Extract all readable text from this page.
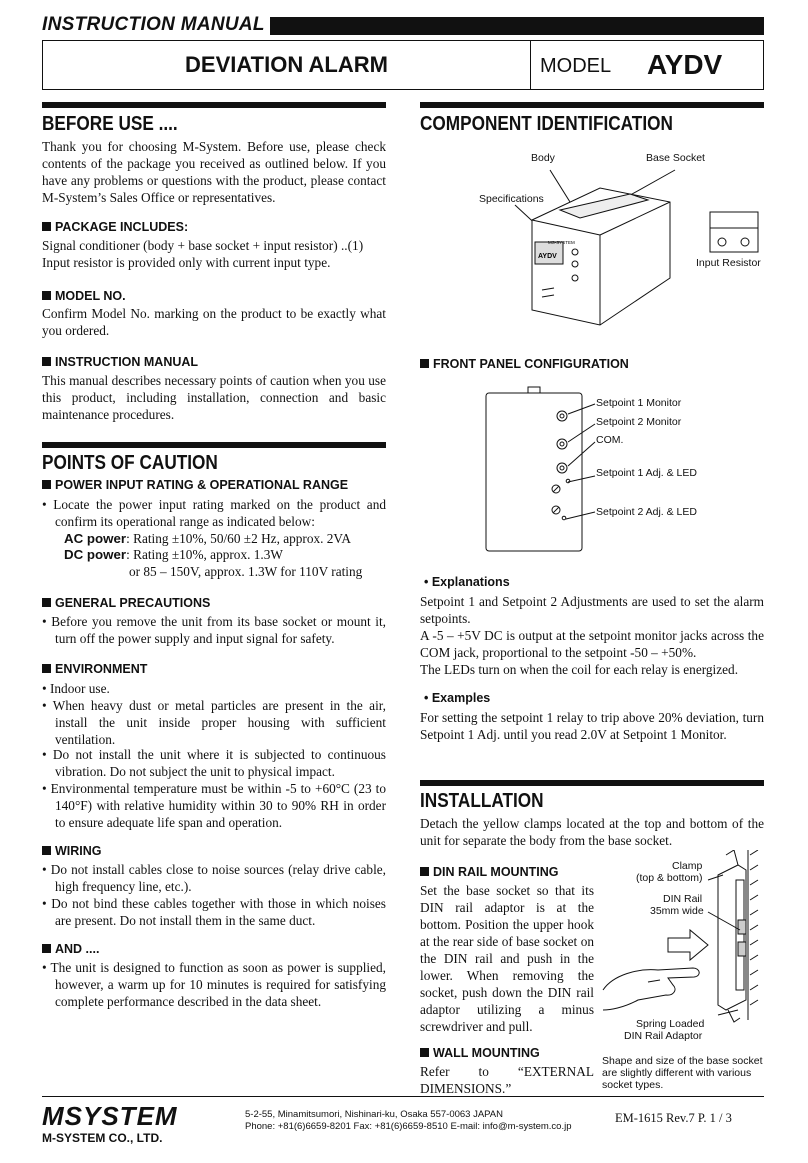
INSTRUCTION MANUAL
DEVIATION ALARM	MODEL AYDV
BEFORE USE ....
Thank you for choosing M-System. Before use, please check contents of the package you received as outlined below. If you have any problems or questions with the product, please contact M-System’s Sales Office or representatives.
PACKAGE INCLUDES:
Signal conditioner (body + base socket + input resistor) ..(1)
Input resistor is provided only with current input type.
MODEL NO.
Confirm Model No. marking on the product to be exactly what you ordered.
INSTRUCTION MANUAL
This manual describes necessary points of caution when you use this product, including installation, connection and basic maintenance procedures.
POINTS OF CAUTION
POWER INPUT RATING & OPERATIONAL RANGE
• Locate the power input rating marked on the product and confirm its operational range as indicated below:
AC power: Rating ±10%, 50/60 ±2 Hz, approx. 2VA
DC power: Rating ±10%, approx. 1.3W
or 85 – 150V, approx. 1.3W for 110V rating
GENERAL PRECAUTIONS
• Before you remove the unit from its base socket or mount it, turn off the power supply and input signal for safety.
ENVIRONMENT
• Indoor use.
• When heavy dust or metal particles are present in the air, install the unit inside proper housing with sufficient ventilation.
• Do not install the unit where it is subjected to continuous vibration. Do not subject the unit to physical impact.
• Environmental temperature must be within -5 to +60°C (23 to 140°F) with relative humidity within 30 to 90% RH in order to ensure adequate life span and operation.
WIRING
• Do not install cables close to noise sources (relay drive cable, high frequency line, etc.).
• Do not bind these cables together with those in which noises are present. Do not install them in the same duct.
AND ....
• The unit is designed to function as soon as power is supplied, however, a warm up for 10 minutes is required for satisfying complete performance described in the data sheet.
COMPONENT IDENTIFICATION
Body	Base Socket
Specifications
Input Resistor
MS-SYSTEM
AYDV
FRONT PANEL CONFIGURATION
Setpoint 1 Monitor
Setpoint 2 Monitor
COM.
Setpoint 1 Adj. & LED
Setpoint 2 Adj. & LED
• Explanations
Setpoint 1 and Setpoint 2 Adjustments are used to set the alarm setpoints.
A -5 – +5V DC is output at the setpoint monitor jacks across the COM jack, proportional to the setpoint -50 – +50%.
The LEDs turn on when the coil for each relay is energized.
• Examples
For setting the setpoint 1 relay to trip above 20% deviation, turn Setpoint 1 Adj. until you read 2.0V at Setpoint 1 Monitor.
INSTALLATION
Detach the yellow clamps located at the top and bottom of the unit for separate the body from the base socket.
DIN RAIL MOUNTING
Set the base socket so that its DIN rail adaptor is at the bottom. Position the upper hook at the rear side of base socket on the DIN rail and push in the lower. When removing the socket, push down the DIN rail adaptor utilizing a minus screwdriver and pull.
WALL MOUNTING
Refer to “EXTERNAL DIMENSIONS.”
Clamp
(top & bottom)
DIN Rail
35mm wide
Spring Loaded
DIN Rail Adaptor
Shape and size of the base socket are slightly different with various socket types.
MSYSTEM
M-SYSTEM CO., LTD.
5-2-55, Minamitsumori, Nishinari-ku, Osaka 557-0063 JAPAN
Phone: +81(6)6659-8201 Fax: +81(6)6659-8510 E-mail: info@m-system.co.jp
EM-1615 Rev.7 P. 1 / 3
